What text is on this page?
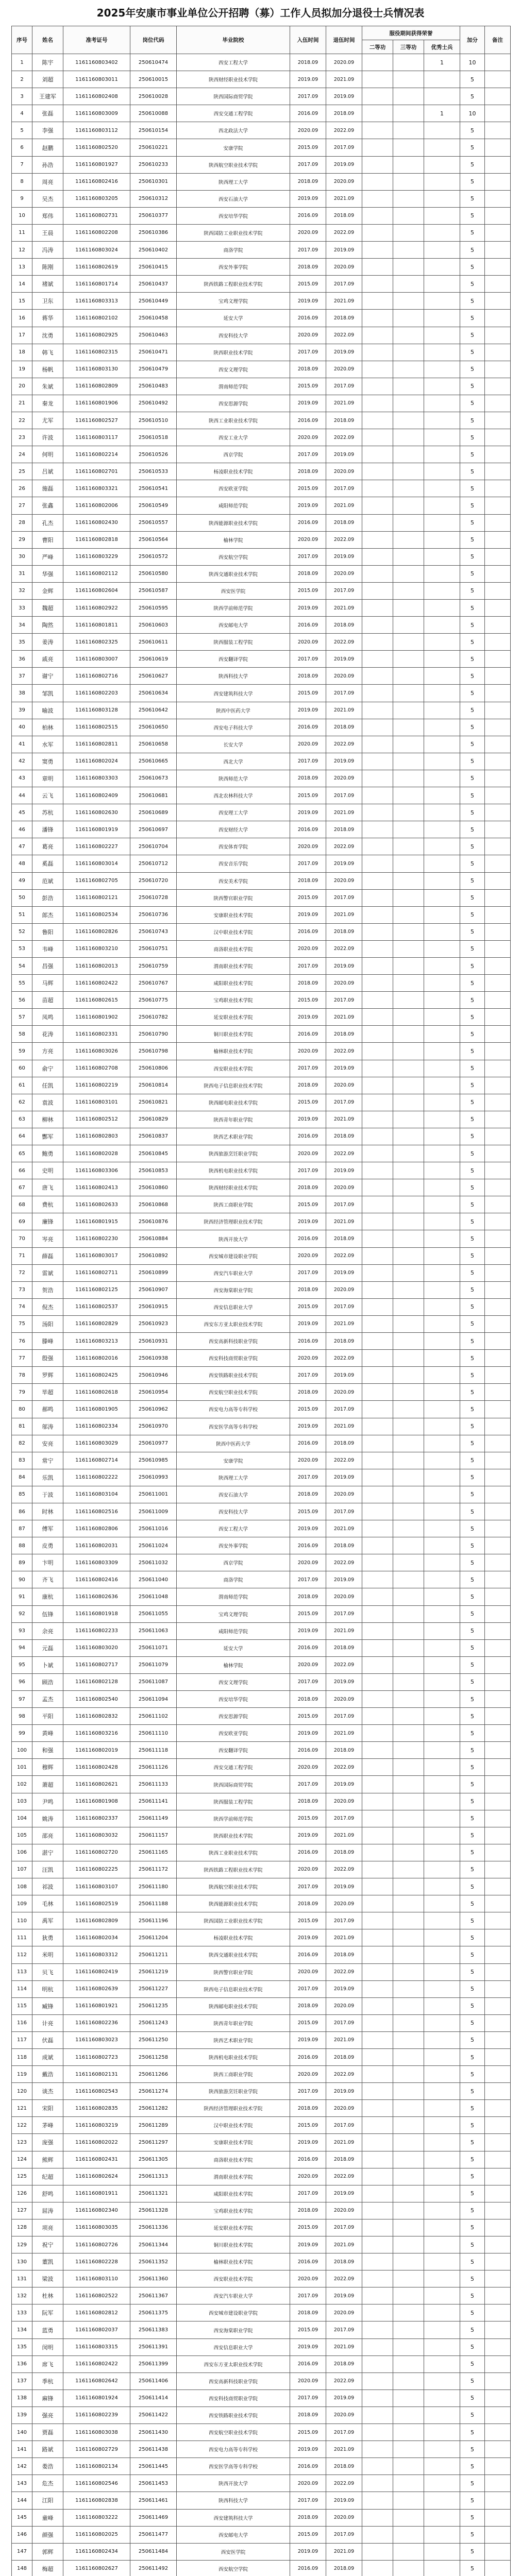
2025年安康市事业单位公开招聘（募）工作人员拟加分退役士兵情况表
序号	姓名	准考证号	岗位代码	毕业院校	入伍时间	退伍时间	服役期间获得荣誉			加分	备注
							二等功	三等功	优秀士兵		
1	陈宇	1161160803402	250610474	西安工程大学	2018.09	2020.09			1	10	
2	刘超	1161160803011	250610015	陕西财经职业技术学院	2019.09	2021.09				5	
3	王建军	1161160802408	250610028	陕西国际商贸学院	2017.09	2019.09				5	
4	张磊	1161160803009	250610088	西安交通工程学院	2016.09	2018.09			1	10	
5	李强	1161160803112	250610154	西北政法大学	2020.09	2022.09				5	
6	赵鹏	1161160802520	250610221	安康学院	2015.09	2017.09				5	
7	孙浩	1161160801927	250610233	陕西航空职业技术学院	2017.09	2019.09				5	
8	周亮	1161160802416	250610301	陕西理工大学	2018.09	2020.09				5	
9	吴杰	1161160803205	250610312	西安石油大学	2019.09	2021.09				5	
10	郑伟	1161160802731	250610377	西安培华学院	2016.09	2018.09				5	
11	王晨	1161160802208	250610386	陕西国防工业职业技术学院	2020.09	2022.09				5	
12	冯涛	1161160803024	250610402	商洛学院	2017.09	2019.09				5	
13	陈刚	1161160802619	250610415	西安外事学院	2018.09	2020.09				5	
14	褚斌	1161160801714	250610437	陕西铁路工程职业技术学院	2015.09	2017.09				5	
15	卫东	1161160803313	250610449	宝鸡文理学院	2019.09	2021.09				5	
16	蒋华	1161160802102	250610458	延安大学	2016.09	2018.09				5	
17	沈勇	1161160802925	250610463	西安科技大学	2020.09	2022.09				5	
18	韩飞	1161160802315	250610471	陕西职业技术学院	2017.09	2019.09				5	
19	杨帆	1161160803130	250610479	西安文理学院	2018.09	2020.09				5	
20	朱斌	1161160802809	250610483	渭南师范学院	2015.09	2017.09				5	
21	秦龙	1161160801906	250610492	西安思源学院	2019.09	2021.09				5	
22	尤军	1161160802527	250610510	陕西工业职业技术学院	2016.09	2018.09				5	
23	许波	1161160803117	250610518	西安工业大学	2020.09	2022.09				5	
24	何明	1161160802214	250610526	西京学院	2017.09	2019.09				5	
25	吕斌	1161160802701	250610533	杨凌职业技术学院	2018.09	2020.09				5	
26	施磊	1161160803321	250610541	西安欧亚学院	2015.09	2017.09				5	
27	张鑫	1161160802006	250610549	咸阳师范学院	2019.09	2021.09				5	
28	孔杰	1161160802430	250610557	陕西能源职业技术学院	2016.09	2018.09				5	
29	曹阳	1161160802818	250610564	榆林学院	2020.09	2022.09				5	
30	严峰	1161160803229	250610572	西安航空学院	2017.09	2019.09				5	
31	华强	1161160802112	250610580	陕西交通职业技术学院	2018.09	2020.09				5	
32	金辉	1161160802604	250610587	西安医学院	2015.09	2017.09				5	
33	魏超	1161160802922	250610595	陕西学前师范学院	2019.09	2021.09				5	
34	陶然	1161160801811	250610603	西安邮电大学	2016.09	2018.09				5	
35	姜涛	1161160802325	250610611	陕西服装工程学院	2020.09	2022.09				5	
36	戚亮	1161160803007	250610619	西安翻译学院	2017.09	2019.09				5	
37	谢宁	1161160802716	250610627	陕西科技大学	2018.09	2020.09				5	
38	邹凯	1161160802203	250610634	西安建筑科技大学	2015.09	2017.09				5	
39	喻波	1161160803128	250610642	陕西中医药大学	2019.09	2021.09				5	
40	柏林	1161160802515	250610650	西安电子科技大学	2016.09	2018.09				5	
41	水军	1161160802811	250610658	长安大学	2020.09	2022.09				5	
42	窦勇	1161160802024	250610665	西北大学	2017.09	2019.09				5	
43	章明	1161160803303	250610673	陕西师范大学	2018.09	2020.09				5	
44	云飞	1161160802409	250610681	西北农林科技大学	2015.09	2017.09				5	
45	苏杭	1161160802630	250610689	西安理工大学	2019.09	2021.09				5	
46	潘锋	1161160801919	250610697	西安财经大学	2016.09	2018.09				5	
47	葛亮	1161160802227	250610704	西安体育学院	2020.09	2022.09				5	
48	奚磊	1161160803014	250610712	西安音乐学院	2017.09	2019.09				5	
49	范斌	1161160802705	250610720	西安美术学院	2018.09	2020.09				5	
50	彭浩	1161160802121	250610728	陕西警官职业学院	2015.09	2017.09				5	
51	郎杰	1161160802534	250610736	安康职业技术学院	2019.09	2021.09				5	
52	鲁阳	1161160802826	250610743	汉中职业技术学院	2016.09	2018.09				5	
53	韦峰	1161160803210	250610751	商洛职业技术学院	2020.09	2022.09				5	
54	昌强	1161160802013	250610759	渭南职业技术学院	2017.09	2019.09				5	
55	马辉	1161160802422	250610767	咸阳职业技术学院	2018.09	2020.09				5	
56	苗超	1161160802615	250610775	宝鸡职业技术学院	2015.09	2017.09				5	
57	凤鸣	1161160801902	250610782	延安职业技术学院	2019.09	2021.09				5	
58	花涛	1161160802331	250610790	铜川职业技术学院	2016.09	2018.09				5	
59	方亮	1161160803026	250610798	榆林职业技术学院	2020.09	2022.09				5	
60	俞宁	1161160802708	250610806	西安职业技术学院	2017.09	2019.09				5	
61	任凯	1161160802219	250610814	陕西电子信息职业技术学院	2018.09	2020.09				5	
62	袁波	1161160803101	250610821	陕西邮电职业技术学院	2015.09	2017.09				5	
63	柳林	1161160802512	250610829	陕西青年职业学院	2019.09	2021.09				5	
64	酆军	1161160802803	250610837	陕西艺术职业学院	2016.09	2018.09				5	
65	鲍勇	1161160802028	250610845	陕西旅游烹饪职业学院	2020.09	2022.09				5	
66	史明	1161160803306	250610853	陕西机电职业技术学院	2017.09	2019.09				5	
67	唐飞	1161160802413	250610860	陕西财经职业技术学院	2018.09	2020.09				5	
68	费杭	1161160802633	250610868	陕西工商职业学院	2015.09	2017.09				5	
69	廉锋	1161160801915	250610876	陕西经济管理职业技术学院	2019.09	2021.09				5	
70	岑亮	1161160802230	250610884	陕西开放大学	2016.09	2018.09				5	
71	薛磊	1161160803017	250610892	西安城市建设职业学院	2020.09	2022.09				5	
72	雷斌	1161160802711	250610899	西安汽车职业大学	2017.09	2019.09				5	
73	贺浩	1161160802125	250610907	西安海棠职业学院	2018.09	2020.09				5	
74	倪杰	1161160802537	250610915	西安信息职业大学	2015.09	2017.09				5	
75	汤阳	1161160802829	250610923	西安东方亚太职业技术学院	2019.09	2021.09				5	
76	滕峰	1161160803213	250610931	西安高新科技职业学院	2016.09	2018.09				5	
77	殷强	1161160802016	250610938	西安科技商贸职业学院	2020.09	2022.09				5	
78	罗辉	1161160802425	250610946	西安铁路职业技术学院	2017.09	2019.09				5	
79	毕超	1161160802618	250610954	西安航空职业技术学院	2018.09	2020.09				5	
80	郝鸣	1161160801905	250610962	西安电力高等专科学校	2015.09	2017.09				5	
81	邬涛	1161160802334	250610970	西安医学高等专科学校	2019.09	2021.09				5	
82	安亮	1161160803029	250610977	陕西中医药大学	2016.09	2018.09				5	
83	常宁	1161160802714	250610985	安康学院	2020.09	2022.09				5	
84	乐凯	1161160802222	250610993	陕西理工大学	2017.09	2019.09				5	
85	于波	1161160803104	250611001	西安石油大学	2018.09	2020.09				5	
86	时林	1161160802516	250611009	西安科技大学	2015.09	2017.09				5	
87	傅军	1161160802806	250611016	西安工程大学	2019.09	2021.09				5	
88	皮勇	1161160802031	250611024	西安外事学院	2016.09	2018.09				5	
89	卞明	1161160803309	250611032	西京学院	2020.09	2022.09				5	
90	齐飞	1161160802416	250611040	商洛学院	2017.09	2019.09				5	
91	康杭	1161160802636	250611048	渭南师范学院	2018.09	2020.09				5	
92	伍锋	1161160801918	250611055	宝鸡文理学院	2015.09	2017.09				5	
93	余亮	1161160802233	250611063	咸阳师范学院	2019.09	2021.09				5	
94	元磊	1161160803020	250611071	延安大学	2016.09	2018.09				5	
95	卜斌	1161160802717	250611079	榆林学院	2020.09	2022.09				5	
96	顾浩	1161160802128	250611087	西安文理学院	2017.09	2019.09				5	
97	孟杰	1161160802540	250611094	西安培华学院	2018.09	2020.09				5	
98	平阳	1161160802832	250611102	西安思源学院	2015.09	2017.09				5	
99	黄峰	1161160803216	250611110	西安欧亚学院	2019.09	2021.09				5	
100	和强	1161160802019	250611118	西安翻译学院	2016.09	2018.09				5	
101	穆辉	1161160802428	250611126	西安交通工程学院	2020.09	2022.09				5	
102	萧超	1161160802621	250611133	陕西国际商贸学院	2017.09	2019.09				5	
103	尹鸣	1161160801908	250611141	陕西服装工程学院	2018.09	2020.09				5	
104	姚涛	1161160802337	250611149	陕西学前师范学院	2015.09	2017.09				5	
105	邵亮	1161160803032	250611157	陕西职业技术学院	2019.09	2021.09				5	
106	湛宁	1161160802720	250611165	陕西工业职业技术学院	2016.09	2018.09				5	
107	汪凯	1161160802225	250611172	陕西铁路工程职业技术学院	2020.09	2022.09				5	
108	祁波	1161160803107	250611180	陕西航空职业技术学院	2017.09	2019.09				5	
109	毛林	1161160802519	250611188	陕西能源职业技术学院	2018.09	2020.09				5	
110	禹军	1161160802809	250611196	陕西国防工业职业技术学院	2015.09	2017.09				5	
111	狄勇	1161160802034	250611204	杨凌职业技术学院	2019.09	2021.09				5	
112	米明	1161160803312	250611211	陕西交通职业技术学院	2016.09	2018.09				5	
113	贝飞	1161160802419	250611219	陕西警官职业学院	2020.09	2022.09				5	
114	明杭	1161160802639	250611227	陕西电子信息职业技术学院	2017.09	2019.09				5	
115	臧锋	1161160801921	250611235	陕西邮电职业技术学院	2018.09	2020.09				5	
116	计亮	1161160802236	250611243	陕西青年职业学院	2015.09	2017.09				5	
117	伏磊	1161160803023	250611250	陕西艺术职业学院	2019.09	2021.09				5	
118	成斌	1161160802723	250611258	陕西机电职业技术学院	2016.09	2018.09				5	
119	戴浩	1161160802131	250611266	陕西工商职业学院	2020.09	2022.09				5	
120	谈杰	1161160802543	250611274	陕西旅游烹饪职业学院	2017.09	2019.09				5	
121	宋阳	1161160802835	250611282	陕西经济管理职业技术学院	2018.09	2020.09				5	
122	茅峰	1161160803219	250611289	汉中职业技术学院	2015.09	2017.09				5	
123	庞强	1161160802022	250611297	安康职业技术学院	2019.09	2021.09				5	
124	熊辉	1161160802431	250611305	商洛职业技术学院	2016.09	2018.09				5	
125	纪超	1161160802624	250611313	渭南职业技术学院	2020.09	2022.09				5	
126	舒鸣	1161160801911	250611321	咸阳职业技术学院	2017.09	2019.09				5	
127	屈涛	1161160802340	250611328	宝鸡职业技术学院	2018.09	2020.09				5	
128	项亮	1161160803035	250611336	延安职业技术学院	2015.09	2017.09				5	
129	祝宁	1161160802726	250611344	铜川职业技术学院	2019.09	2021.09				5	
130	董凯	1161160802228	250611352	榆林职业技术学院	2016.09	2018.09				5	
131	梁波	1161160803110	250611360	西安职业技术学院	2020.09	2022.09				5	
132	杜林	1161160802522	250611367	西安汽车职业大学	2017.09	2019.09				5	
133	阮军	1161160802812	250611375	西安城市建设职业学院	2018.09	2020.09				5	
134	蓝勇	1161160802037	250611383	西安海棠职业学院	2015.09	2017.09				5	
135	闵明	1161160803315	250611391	西安信息职业大学	2019.09	2021.09				5	
136	席飞	1161160802422	250611399	西安东方亚太职业技术学院	2016.09	2018.09				5	
137	季杭	1161160802642	250611406	西安高新科技职业学院	2020.09	2022.09				5	
138	麻锋	1161160801924	250611414	西安科技商贸职业学院	2017.09	2019.09				5	
139	强亮	1161160802239	250611422	西安铁路职业技术学院	2018.09	2020.09				5	
140	贾磊	1161160803038	250611430	西安航空职业技术学院	2015.09	2017.09				5	
141	路斌	1161160802729	250611438	西安电力高等专科学校	2019.09	2021.09				5	
142	娄浩	1161160802134	250611445	西安医学高等专科学校	2016.09	2018.09				5	
143	危杰	1161160802546	250611453	陕西开放大学	2020.09	2022.09				5	
144	江阳	1161160802838	250611461	陕西科技大学	2017.09	2019.09				5	
145	童峰	1161160803222	250611469	西安建筑科技大学	2018.09	2020.09				5	
146	颜强	1161160802025	250611477	西安邮电大学	2015.09	2017.09				5	
147	郭辉	1161160802434	250611484	西安医学院	2019.09	2021.09				5	
148	梅超	1161160802627	250611492	西安航空学院	2016.09	2018.09				5	
